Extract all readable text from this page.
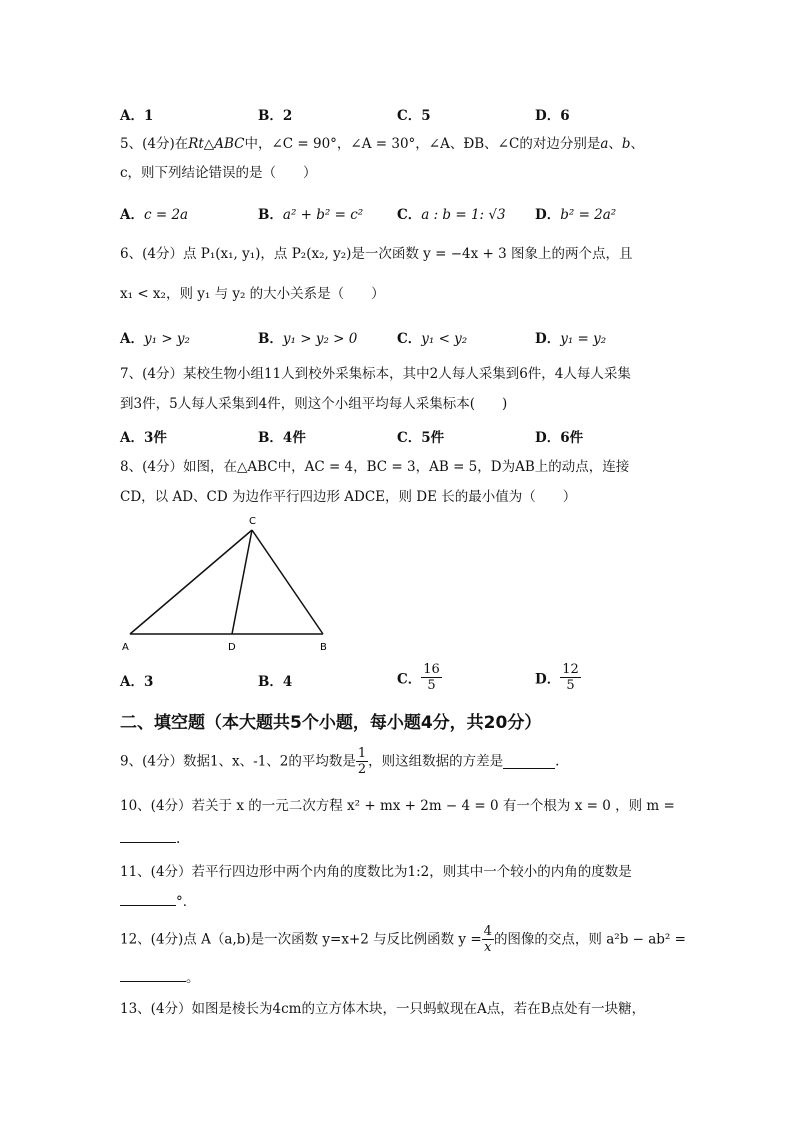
A．1	B．2	C．5	D．6
5、(4分)在Rt△ABC中，∠C = 90°，∠A = 30°，∠A、ÐB、∠C的对边分别是a、b、
c，则下列结论错误的是（　　）
A．c = 2a	B．a² + b² = c²	C．a : b = 1: √3 D．b² = 2a²
6、(4分）点 P₁(x₁, y₁)，点 P₂(x₂, y₂)是一次函数 y = −4x + 3 图象上的两个点，且
x₁ < x₂，则 y₁ 与 y₂ 的大小关系是（　　）
A．y₁ > y₂	B．y₁ > y₂ > 0	C．y₁ < y₂	D．y₁ = y₂
7、(4分）某校生物小组11人到校外采集标本，其中2人每人采集到6件，4人每人采集
到3件，5人每人采集到4件，则这个小组平均每人采集标本(　　)
A．3件	B．4件	C．5件	D．6件
8、(4分）如图，在△ABC中，AC = 4，BC = 3，AB = 5，D为AB上的动点，连接
CD，以 AD、CD 为边作平行四边形 ADCE，则 DE 长的最小值为（　　）
C
A	D	B
A．3	B．4	C． $\frac{16}{5}$	D． $\frac{12}{5}$
二、填空题（本大题共5个小题，每小题4分，共20分）
9、(4分）数据1、x、-1、2的平均数是 $\frac{1}{2}$ ，则这组数据的方差是	.
10、(4分）若关于 x 的一元二次方程 x² + mx + 2m − 4 = 0 有一个根为 x = 0 ，则 m =
.
11、(4分）若平行四边形中两个内角的度数比为1:2，则其中一个较小的内角的度数是
°．
12、(4分)点 A（a,b)是一次函数 y=x+2 与反比例函数 $y = \frac{4}{x}$ 的图像的交点，则 a²b − ab² =
。
13、(4分）如图是棱长为4cm的立方体木块，一只蚂蚁现在A点，若在B点处有一块糖，
